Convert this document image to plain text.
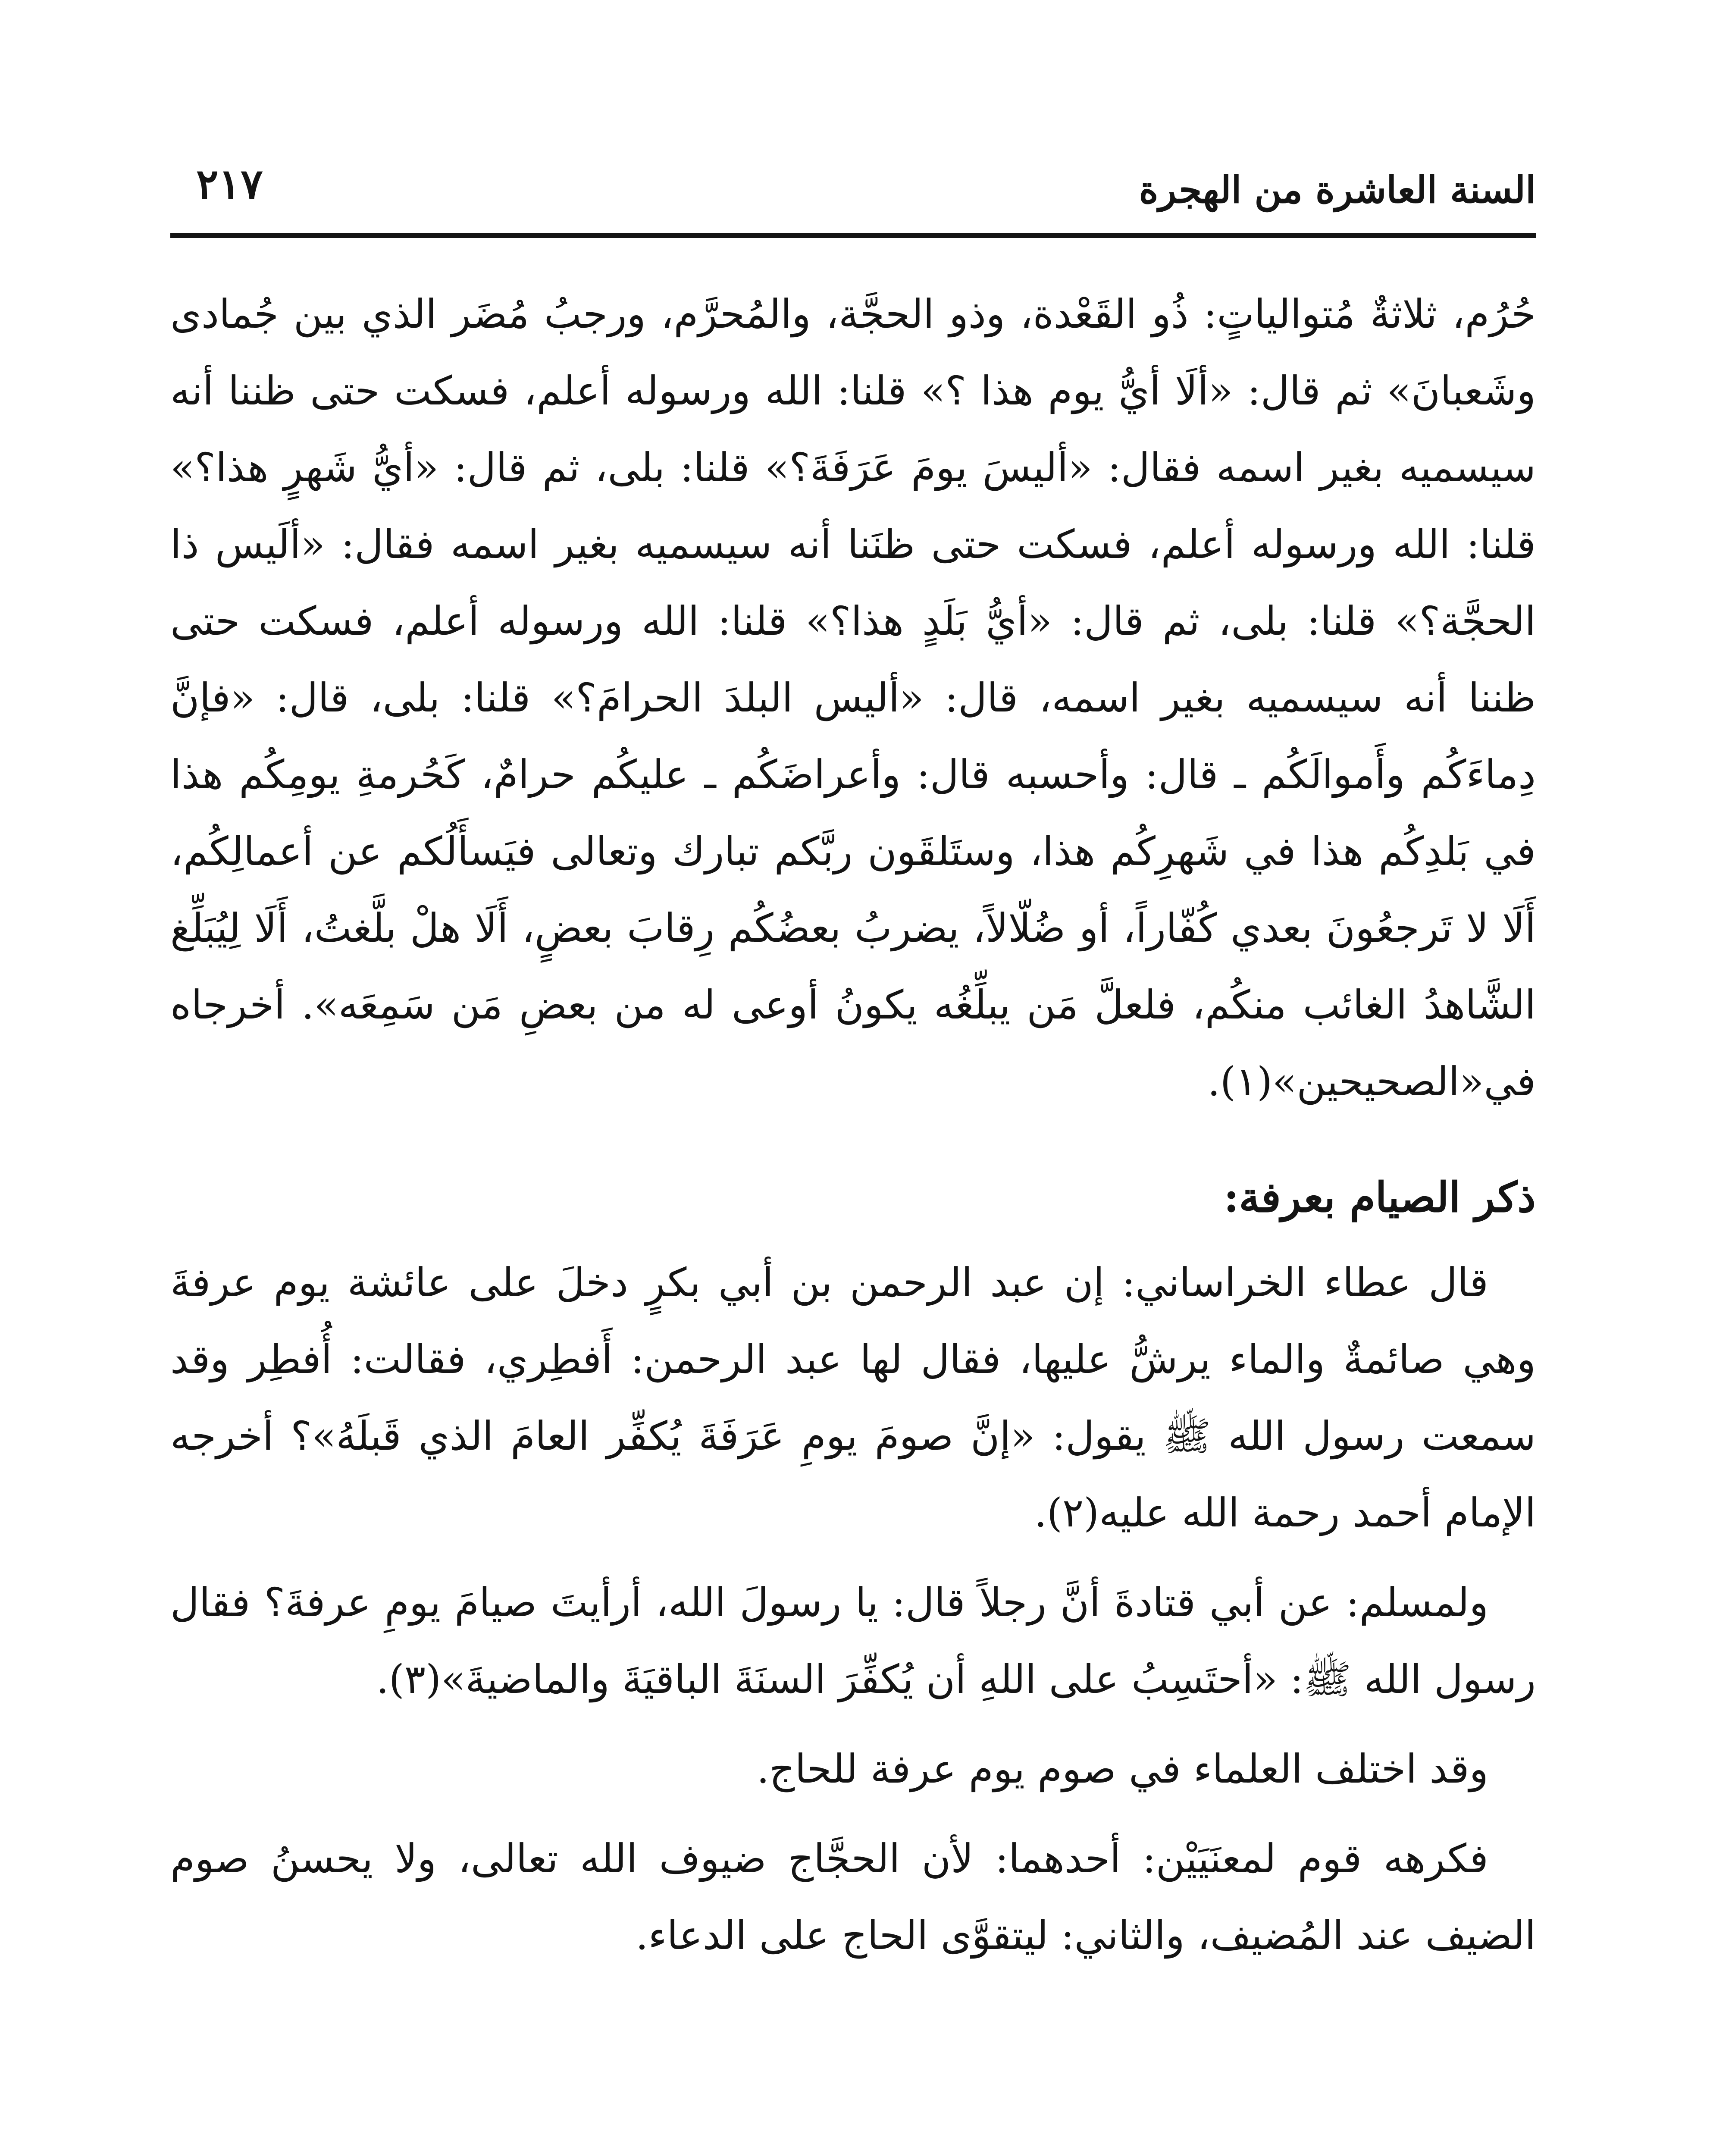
السنة العاشرة من الهجرة
٢١٧

حُرُم، ثلاثةٌ مُتوالياتٍ: ذُو القَعْدة، وذو الحجَّة، والمُحرَّم، ورجبُ مُضَر الذي بين جُمادى وشَعبانَ» ثم قال: «ألَا أيُّ يوم هذا ؟» قلنا: الله ورسوله أعلم، فسكت حتى ظننا أنه سيسميه بغير اسمه فقال: «أليسَ يومَ عَرَفَةَ؟» قلنا: بلى، ثم قال: «أيُّ شَهرٍ هذا؟» قلنا: الله ورسوله أعلم، فسكت حتى ظنَنا أنه سيسميه بغير اسمه فقال: «ألَيس ذا الحجَّة؟» قلنا: بلى، ثم قال: «أيُّ بَلَدٍ هذا؟» قلنا: الله ورسوله أعلم، فسكت حتى ظننا أنه سيسميه بغير اسمه، قال: «أليس البلدَ الحرامَ؟» قلنا: بلى، قال: «فإنَّ دِماءَكُم وأَموالَكُم ـ قال: وأحسبه قال: وأعراضَكُم ـ عليكُم حرامٌ، كَحُرمةِ يومِكُم هذا في بَلدِكُم هذا في شَهرِكُم هذا، وستَلقَون ربَّكم تبارك وتعالى فيَسأَلُكم عن أعمالِكُم، أَلَا لا تَرجعُونَ بعدي كُفّاراً، أو ضُلّالاً، يضربُ بعضُكُم رِقابَ بعضٍ، أَلَا هلْ بلَّغتُ، أَلَا لِيُبَلِّغ الشَّاهدُ الغائب منكُم، فلعلَّ مَن يبلِّغُه يكونُ أوعى له من بعضِ مَن سَمِعَه». أخرجاه في«الصحيحين»(١).

ذكر الصيام بعرفة:

قال عطاء الخراساني: إن عبد الرحمن بن أبي بكرٍ دخلَ على عائشة يوم عرفةَ وهي صائمةٌ والماء يرشُّ عليها، فقال لها عبد الرحمن: أَفطِري، فقالت: أُفطِر وقد سمعت رسول الله ﷺ يقول: «إنَّ صومَ يومِ عَرَفَةَ يُكفِّر العامَ الذي قَبلَهُ»؟ أخرجه الإمام أحمد رحمة الله عليه(٢).

ولمسلم: عن أبي قتادةَ أنَّ رجلاً قال: يا رسولَ الله، أرأيتَ صيامَ يومِ عرفةَ؟ فقال رسول الله ﷺ: «أحتَسِبُ على اللهِ أن يُكفِّرَ السنَةَ الباقيَةَ والماضيةَ»(٣).

وقد اختلف العلماء في صوم يوم عرفة للحاج.

فكرهه قوم لمعنَيَيْن: أحدهما: لأن الحجَّاج ضيوف الله تعالى، ولا يحسنُ صوم الضيف عند المُضيف، والثاني: ليتقوَّى الحاج على الدعاء.
